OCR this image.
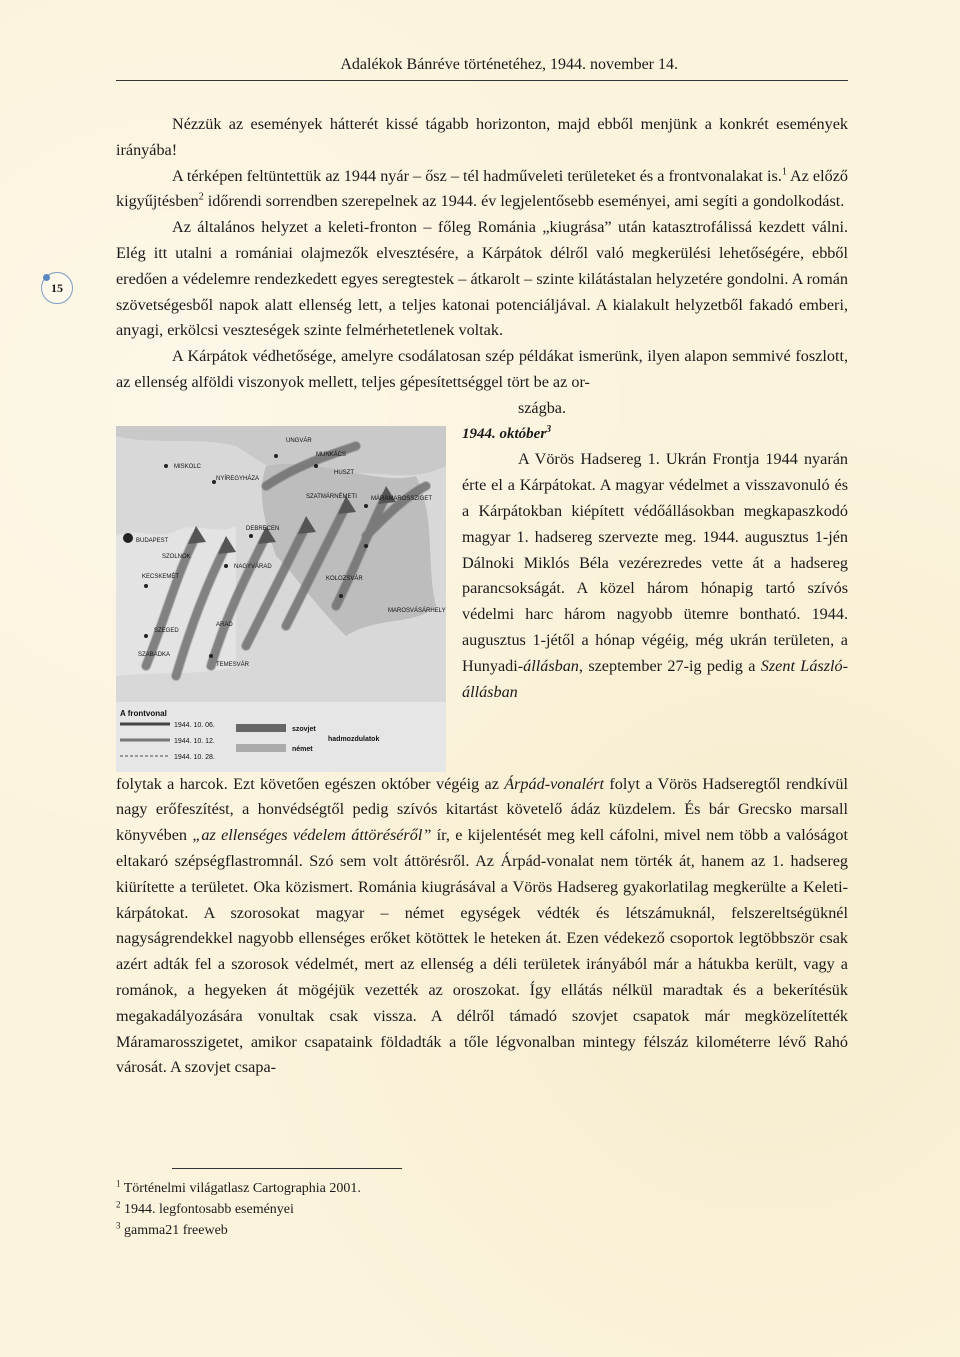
Adalékok Bánréve történetéhez, 1944. november 14.
15

Nézzük az események hátterét kissé tágabb horizonton, majd ebből menjünk a konkrét események irányába!

A térképen feltüntettük az 1944 nyár – ősz – tél hadműveleti területeket és a frontvonalakat is.$^1$ Az előző kigyűjtésben$^2$ időrendi sorrendben szerepelnek az 1944. év legjelentősebb eseményei, ami segíti a gondolkodást.

Az általános helyzet a keleti-fronton – főleg Románia „kiugrása” után katasztrofálissá kezdett válni. Elég itt utalni a romániai olajmezők elvesztésére, a Kárpátok délről való megkerülési lehetőségére, ebből eredően a védelemre rendezkedett egyes seregtestek – átkarolt – szinte kilátástalan helyzetére gondolni. A román szövetségesből napok alatt ellenség lett, a teljes katonai potenciáljával. A kialakult helyzetből fakadó emberi, anyagi, erkölcsi veszteségek szinte felmérhetetlenek voltak.

A Kárpátok védhetősége, amelyre csodálatosan szép példákat ismerünk, ilyen alapon semmivé foszlott, az ellenség alföldi viszonyok mellett, teljes gépesítettséggel tört be az or-

szágba.

UNGVÁR
MUNKÁCS
HUSZT
MISKOLC
NYÍREGYHÁZA
SZATMÁRNÉMETI MÁRAMAROSSZIGET
BUDAPEST
DEBRECEN
SZOLNOK
NAGYVÁRAD
KECSKEMÉT	KOLOZSVÁR
SZEGED
ARAD
MAROSVÁSÁRHELY
SZABADKA
TEMESVÁR
A frontvonal
1944. 10. 06.
1944. 10. 12.
1944. 10. 28.
szovjet
német
hadmozdulatok

1944. október$^3$

A Vörös Hadsereg 1. Ukrán Frontja 1944 nyarán érte el a Kárpátokat. A magyar védelmet a visszavonuló és a Kárpátokban kiépített védőállásokban megkapaszkodó magyar 1. hadsereg szervezte meg. 1944. augusztus 1-jén Dálnoki Miklós Béla vezérezredes vette át a hadsereg parancsokságát. A közel három hónapig tartó szívós védelmi harc három nagyobb ütemre bontható. 1944. augusztus 1-jétől a hónap végéig, még ukrán területen, a Hunyadi-állásban, szeptember 27-ig pedig a Szent László-állásban

folytak a harcok. Ezt követően egészen október végéig az Árpád-vonalért folyt a Vörös Hadseregtől rendkívül nagy erőfeszítést, a honvédségtől pedig szívós kitartást követelő ádáz küzdelem. És bár Grecsko marsall könyvében „az ellenséges védelem áttöréséről” ír, e kijelentését meg kell cáfolni, mivel nem több a valóságot eltakaró szépségflastromnál. Szó sem volt áttörésről. Az Árpád-vonalat nem törték át, hanem az 1. hadsereg kiürítette a területet. Oka közismert. Románia kiugrásával a Vörös Hadsereg gyakorlatilag megkerülte a Keleti-kárpátokat. A szorosokat magyar – német egységek védték és létszámuknál, felszereltségüknél nagyságrendekkel nagyobb ellenséges erőket kötöttek le heteken át. Ezen védekező csoportok legtöbbször csak azért adták fel a szorosok védelmét, mert az ellenség a déli területek irányából már a hátukba került, vagy a románok, a hegyeken át mögéjük vezették az oroszokat. Így ellátás nélkül maradtak és a bekerítésük megakadályozására vonultak csak vissza. A délről támadó szovjet csapatok már megközelítették Máramarosszigetet, amikor csapataink földadták a tőle légvonalban mintegy félszáz kilométerre lévő Rahó városát. A szovjet csapa-

$^1$ Történelmi világatlasz Cartographia 2001.
$^2$ 1944. legfontosabb eseményei
$^3$ gamma21 freeweb
